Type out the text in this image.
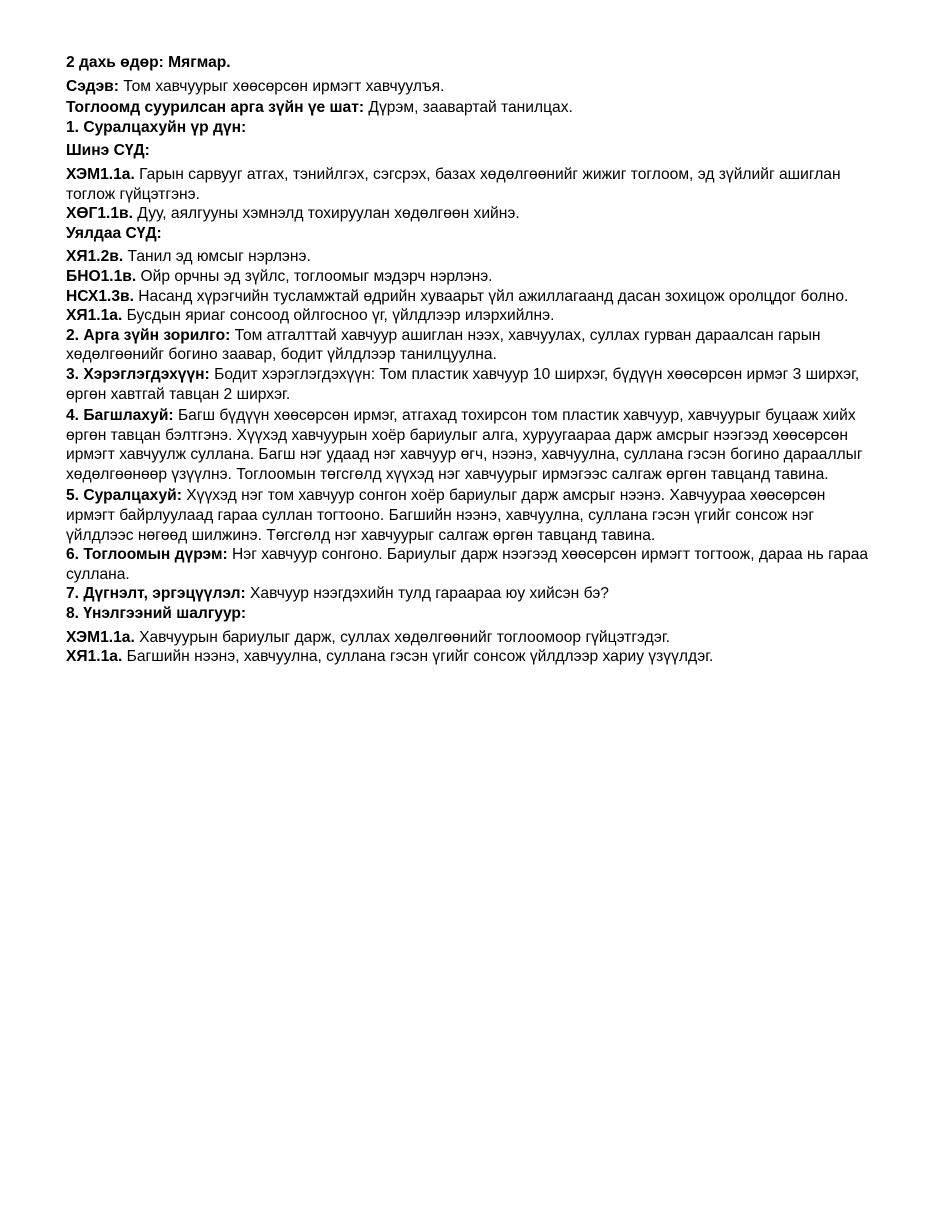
2 дахь өдөр: Мягмар.

Сэдэв: Том хавчуурыг хөөсөрсөн ирмэгт хавчуулъя.

Тоглоомд суурилсан арга зүйн үе шат: Дүрэм, заавартай танилцах.

1. Суралцахуйн үр дүн:

Шинэ СҮД:

ХЭМ1.1а. Гарын сарвууг атгах, тэнийлгэх, сэгсрэх, базах хөдөлгөөнийг жижиг тоглоом, эд зүйлийг ашиглан тоглож гүйцэтгэнэ.

ХӨГ1.1в. Дуу, аялгууны хэмнэлд тохируулан хөдөлгөөн хийнэ.

Уялдаа СҮД:

ХЯ1.2в. Танил эд юмсыг нэрлэнэ.

БНО1.1в. Ойр орчны эд зүйлс, тоглоомыг мэдэрч нэрлэнэ.

НСХ1.3в. Насанд хүрэгчийн тусламжтай өдрийн хуваарьт үйл ажиллагаанд дасан зохицож оролцдог болно.

ХЯ1.1а. Бусдын яриаг сонсоод ойлгосноо үг, үйлдлээр илэрхийлнэ.

2. Арга зүйн зорилго: Том атгалттай хавчуур ашиглан нээх, хавчуулах, суллах гурван дараалсан гарын хөдөлгөөнийг богино заавар, бодит үйлдлээр танилцуулна.

3. Хэрэглэгдэхүүн: Бодит хэрэглэгдэхүүн: Том пластик хавчуур 10 ширхэг, бүдүүн хөөсөрсөн ирмэг 3 ширхэг, өргөн хавтгай тавцан 2 ширхэг.

4. Багшлахуй: Багш бүдүүн хөөсөрсөн ирмэг, атгахад тохирсон том пластик хавчуур, хавчуурыг буцааж хийх өргөн тавцан бэлтгэнэ. Хүүхэд хавчуурын хоёр бариулыг алга, хуруугаараа дарж амсрыг нээгээд хөөсөрсөн ирмэгт хавчуулж суллана. Багш нэг удаад нэг хавчуур өгч, нээнэ, хавчуулна, суллана гэсэн богино дарааллыг хөдөлгөөнөөр үзүүлнэ. Тоглоомын төгсгөлд хүүхэд нэг хавчуурыг ирмэгээс салгаж өргөн тавцанд тавина.

5. Суралцахуй: Хүүхэд нэг том хавчуур сонгон хоёр бариулыг дарж амсрыг нээнэ. Хавчуураа хөөсөрсөн ирмэгт байрлуулаад гараа суллан тогтооно. Багшийн нээнэ, хавчуулна, суллана гэсэн үгийг сонсож нэг үйлдлээс нөгөөд шилжинэ. Төгсгөлд нэг хавчуурыг салгаж өргөн тавцанд тавина.

6. Тоглоомын дүрэм: Нэг хавчуур сонгоно. Бариулыг дарж нээгээд хөөсөрсөн ирмэгт тогтоож, дараа нь гараа суллана.

7. Дүгнэлт, эргэцүүлэл: Хавчуур нээгдэхийн тулд гараараа юу хийсэн бэ?

8. Үнэлгээний шалгуур:

ХЭМ1.1а. Хавчуурын бариулыг дарж, суллах хөдөлгөөнийг тоглоомоор гүйцэтгэдэг.

ХЯ1.1а. Багшийн нээнэ, хавчуулна, суллана гэсэн үгийг сонсож үйлдлээр хариу үзүүлдэг.
